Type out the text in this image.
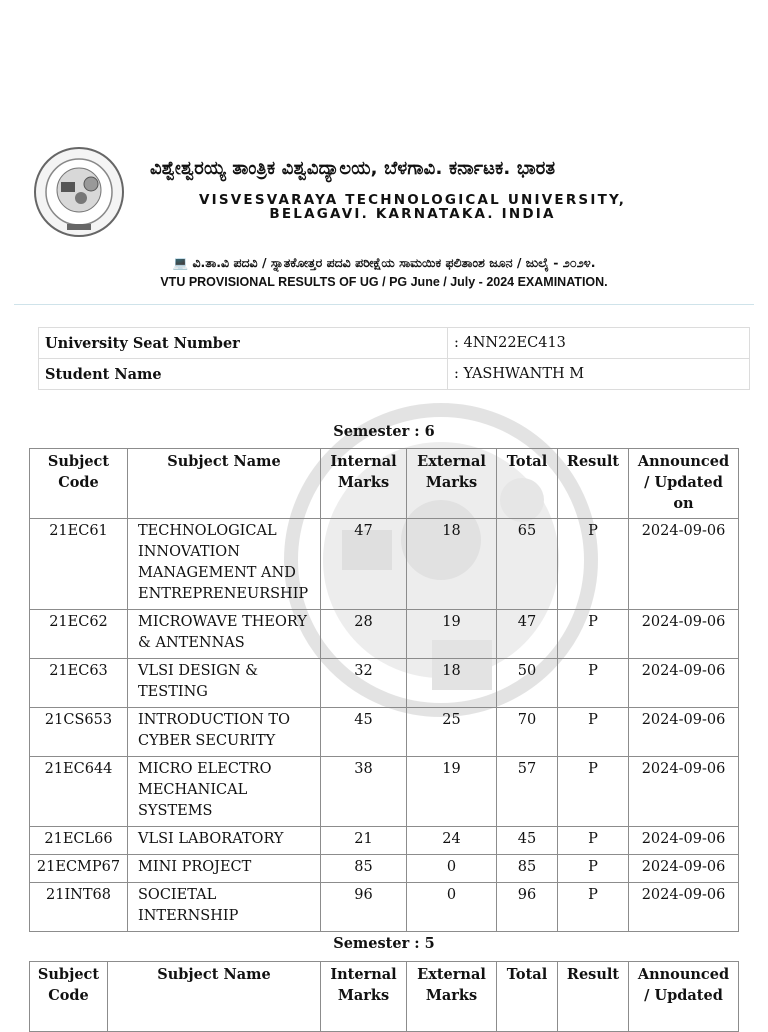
ವಿಶ್ವೇಶ್ವರಯ್ಯ ತಾಂತ್ರಿಕ ವಿಶ್ವವಿದ್ಯಾಲಯ, ಬೆಳಗಾವಿ. ಕರ್ನಾಟಕ. ಭಾರತ
VISVESVARAYA TECHNOLOGICAL UNIVERSITY,
BELAGAVI. KARNATAKA. INDIA
💻 ವಿ.ತಾ.ವಿ ಪದವಿ / ಸ್ನಾತಕೋತ್ತರ ಪದವಿ ಪರೀಕ್ಷೆಯ ಸಾಮಯಿಕ ಫಲಿತಾಂಶ ಜೂನ / ಜುಲೈ - ೨೦೨೪.
VTU PROVISIONAL RESULTS OF UG / PG June / July - 2024 EXAMINATION.
University Seat Number	: 4NN22EC413
Student Name	: YASHWANTH M
Semester : 6
Subject Code	Subject Name	Internal Marks	External Marks	Total	Result	Announced / Updated on
21EC61	TECHNOLOGICAL INNOVATION MANAGEMENT AND ENTREPRENEURSHIP	47	18	65	P	2024-09-06
21EC62	MICROWAVE THEORY & ANTENNAS	28	19	47	P	2024-09-06
21EC63	VLSI DESIGN & TESTING	32	18	50	P	2024-09-06
21CS653	INTRODUCTION TO CYBER SECURITY	45	25	70	P	2024-09-06
21EC644	MICRO ELECTRO MECHANICAL SYSTEMS	38	19	57	P	2024-09-06
21ECL66	VLSI LABORATORY	21	24	45	P	2024-09-06
21ECMP67	MINI PROJECT	85	0	85	P	2024-09-06
21INT68	SOCIETAL INTERNSHIP	96	0	96	P	2024-09-06
Semester : 5
Subject Code	Subject Name	Internal Marks	External Marks	Total	Result	Announced / Updated
